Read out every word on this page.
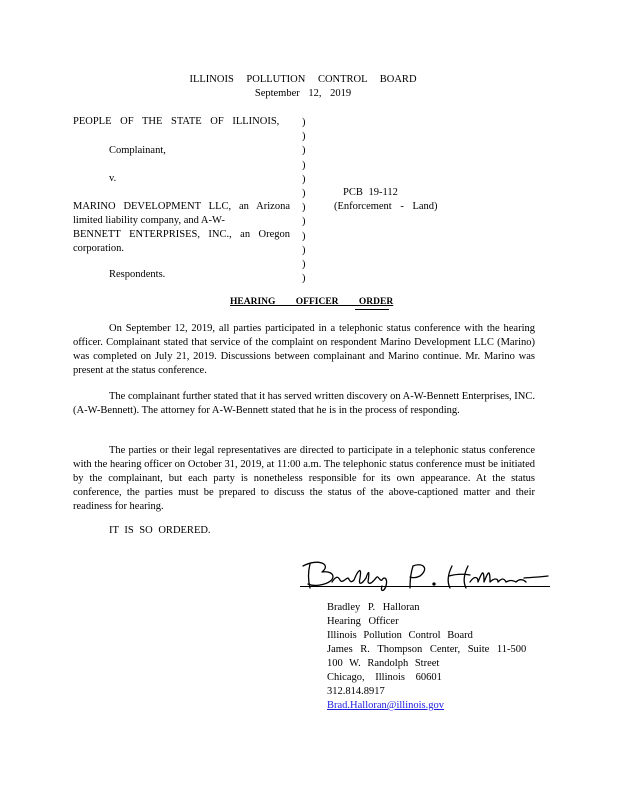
ILLINOIS POLLUTION CONTROL BOARD
September 12, 2019
PEOPLE OF THE STATE OF ILLINOIS,
Complainant,
v.
MARINO DEVELOPMENT LLC, an Arizona
limited liability company, and A-W-
BENNETT ENTERPRISES, INC., an Oregon
corporation.
Respondents.
)
)
)
)
)
)
)
)
)
)
)
)
PCB 19-112
(Enforcement - Land)
HEARING OFFICER ORDER
On September 12, 2019, all parties participated in a telephonic status conference with the hearing officer. Complainant stated that service of the complaint on respondent Marino Development LLC (Marino) was completed on July 21, 2019. Discussions between complainant and Marino continue. Mr. Marino was present at the status conference.
The complainant further stated that it has served written discovery on A-W-Bennett Enterprises, INC. (A-W-Bennett). The attorney for A-W-Bennett stated that he is in the process of responding.
The parties or their legal representatives are directed to participate in a telephonic status conference with the hearing officer on October 31, 2019, at 11:00 a.m. The telephonic status conference must be initiated by the complainant, but each party is nonetheless responsible for its own appearance. At the status conference, the parties must be prepared to discuss the status of the above-captioned matter and their readiness for hearing.
IT IS SO ORDERED.
Bradley P. Halloran
Hearing Officer
Illinois Pollution Control Board
James R. Thompson Center, Suite 11-500
100 W. Randolph Street
Chicago, Illinois 60601
312.814.8917
Brad.Halloran@illinois.gov
